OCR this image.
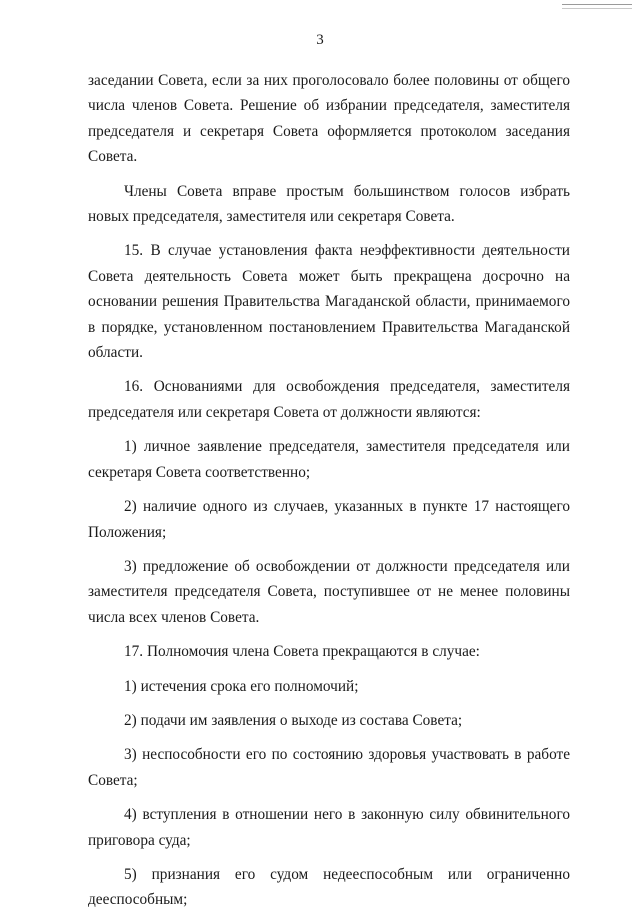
3

заседании Совета, если за них проголосовало более половины от общего числа членов Совета. Решение об избрании председателя, заместителя председателя и секретаря Совета оформляется протоколом заседания Совета.

Члены Совета вправе простым большинством голосов избрать новых председателя, заместителя или секретаря Совета.

15. В случае установления факта неэффективности деятельности Совета деятельность Совета может быть прекращена досрочно на основании решения Правительства Магаданской области, принимаемого в порядке, установленном постановлением Правительства Магаданской области.

16. Основаниями для освобождения председателя, заместителя председателя или секретаря Совета от должности являются:

1) личное заявление председателя, заместителя председателя или секретаря Совета соответственно;

2) наличие одного из случаев, указанных в пункте 17 настоящего Положения;

3) предложение об освобождении от должности председателя или заместителя председателя Совета, поступившее от не менее половины числа всех членов Совета.

17. Полномочия члена Совета прекращаются в случае:

1) истечения срока его полномочий;

2) подачи им заявления о выходе из состава Совета;

3) неспособности его по состоянию здоровья участвовать в работе Совета;

4) вступления в отношении него в законную силу обвинительного приговора суда;

5) признания его судом недееспособным или ограниченно дееспособным;
